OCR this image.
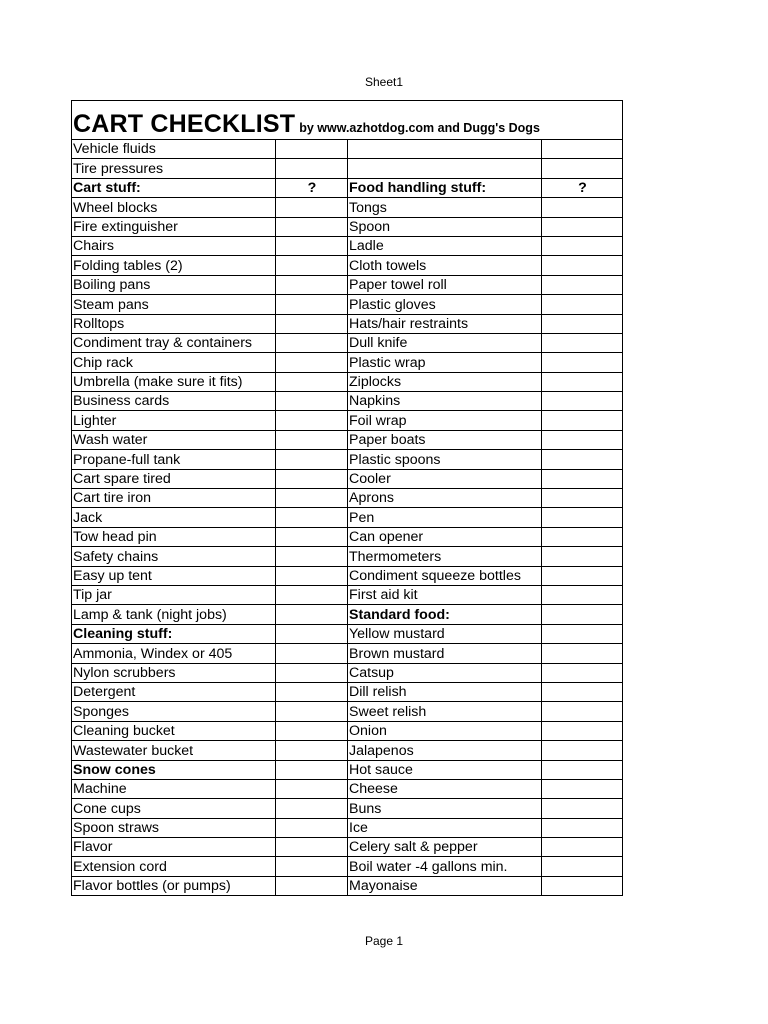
Sheet1
CART CHECKLIST by www.azhotdog.com and Dugg's Dogs			
Vehicle fluids			
Tire pressures			
Cart stuff:	?	Food handling stuff:	?
Wheel blocks		Tongs	
Fire extinguisher		Spoon	
Chairs		Ladle	
Folding tables (2)		Cloth towels	
Boiling pans		Paper towel roll	
Steam pans		Plastic gloves	
Rolltops		Hats/hair restraints	
Condiment tray & containers		Dull knife	
Chip rack		Plastic wrap	
Umbrella (make sure it fits)		Ziplocks	
Business cards		Napkins	
Lighter		Foil wrap	
Wash water		Paper boats	
Propane-full tank		Plastic spoons	
Cart spare tired		Cooler	
Cart tire iron		Aprons	
Jack		Pen	
Tow head pin		Can opener	
Safety chains		Thermometers	
Easy up tent		Condiment squeeze bottles	
Tip jar		First aid kit	
Lamp & tank (night jobs)		Standard food:	
Cleaning stuff:		Yellow mustard	
Ammonia, Windex or 405		Brown mustard	
Nylon scrubbers		Catsup	
Detergent		Dill relish	
Sponges		Sweet relish	
Cleaning bucket		Onion	
Wastewater bucket		Jalapenos	
Snow cones		Hot sauce	
Machine		Cheese	
Cone cups		Buns	
Spoon straws		Ice	
Flavor		Celery salt & pepper	
Extension cord		Boil water -4 gallons min.	
Flavor bottles (or pumps)		Mayonaise	
Page 1
